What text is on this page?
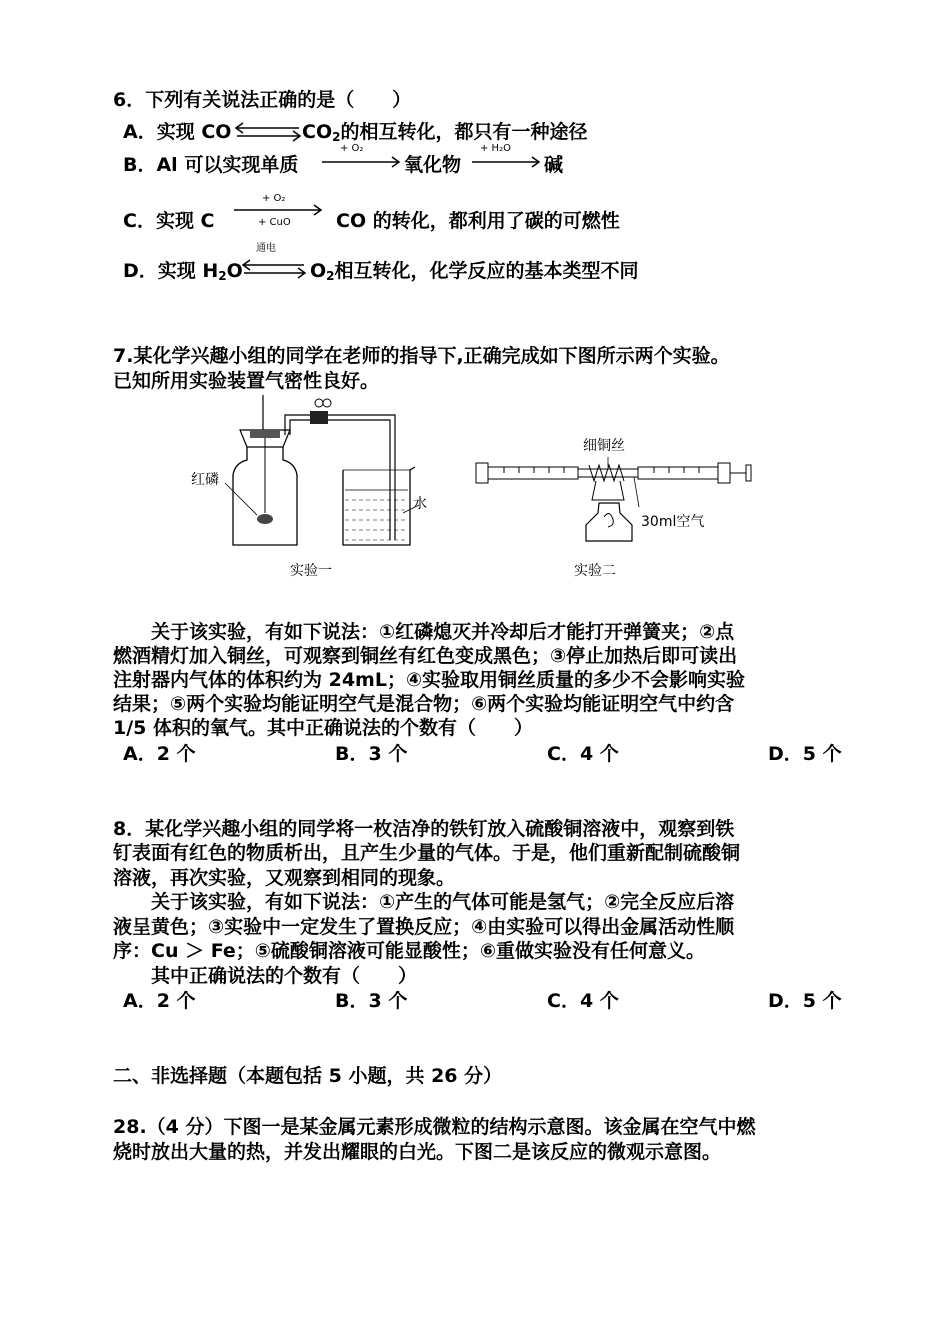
6．下列有关说法正确的是（　　）
A．实现 CO	$CO_2$的相互转化，都只有一种途径
B．Al 可以实现单质
+ O₂
氧化物
+ H₂O
碱
+ O₂
C．实现 C	+ CuO CO 的转化，都利用了碳的可燃性
通电
D．实现 $H_2O$	$O_2$相互转化，化学反应的基本类型不同
7.某化学兴趣小组的同学在老师的指导下,正确完成如下图所示两个实验。
已知所用实验装置气密性良好。
红磷
水
实验一
细铜丝
30ml空气
实验二
　　关于该实验，有如下说法：①红磷熄灭并冷却后才能打开弹簧夹；②点
燃酒精灯加入铜丝，可观察到铜丝有红色变成黑色；③停止加热后即可读出
注射器内气体的体积约为 24mL；④实验取用铜丝质量的多少不会影响实验
结果；⑤两个实验均能证明空气是混合物；⑥两个实验均能证明空气中约含
1/5 体积的氧气。其中正确说法的个数有（　　）
A．2 个	B．3 个	C．4 个	D．5 个
8．某化学兴趣小组的同学将一枚洁净的铁钉放入硫酸铜溶液中，观察到铁
钉表面有红色的物质析出，且产生少量的气体。于是，他们重新配制硫酸铜
溶液，再次实验，又观察到相同的现象。
　　关于该实验，有如下说法：①产生的气体可能是氢气；②完全反应后溶
液呈黄色；③实验中一定发生了置换反应；④由实验可以得出金属活动性顺
序：Cu ＞ Fe；⑤硫酸铜溶液可能显酸性；⑥重做实验没有任何意义。
　　其中正确说法的个数有（　　）
A．2 个	B．3 个	C．4 个	D．5 个
二、非选择题（本题包括 5 小题，共 26 分）
28.（4 分）下图一是某金属元素形成微粒的结构示意图。该金属在空气中燃
烧时放出大量的热，并发出耀眼的白光。下图二是该反应的微观示意图。
